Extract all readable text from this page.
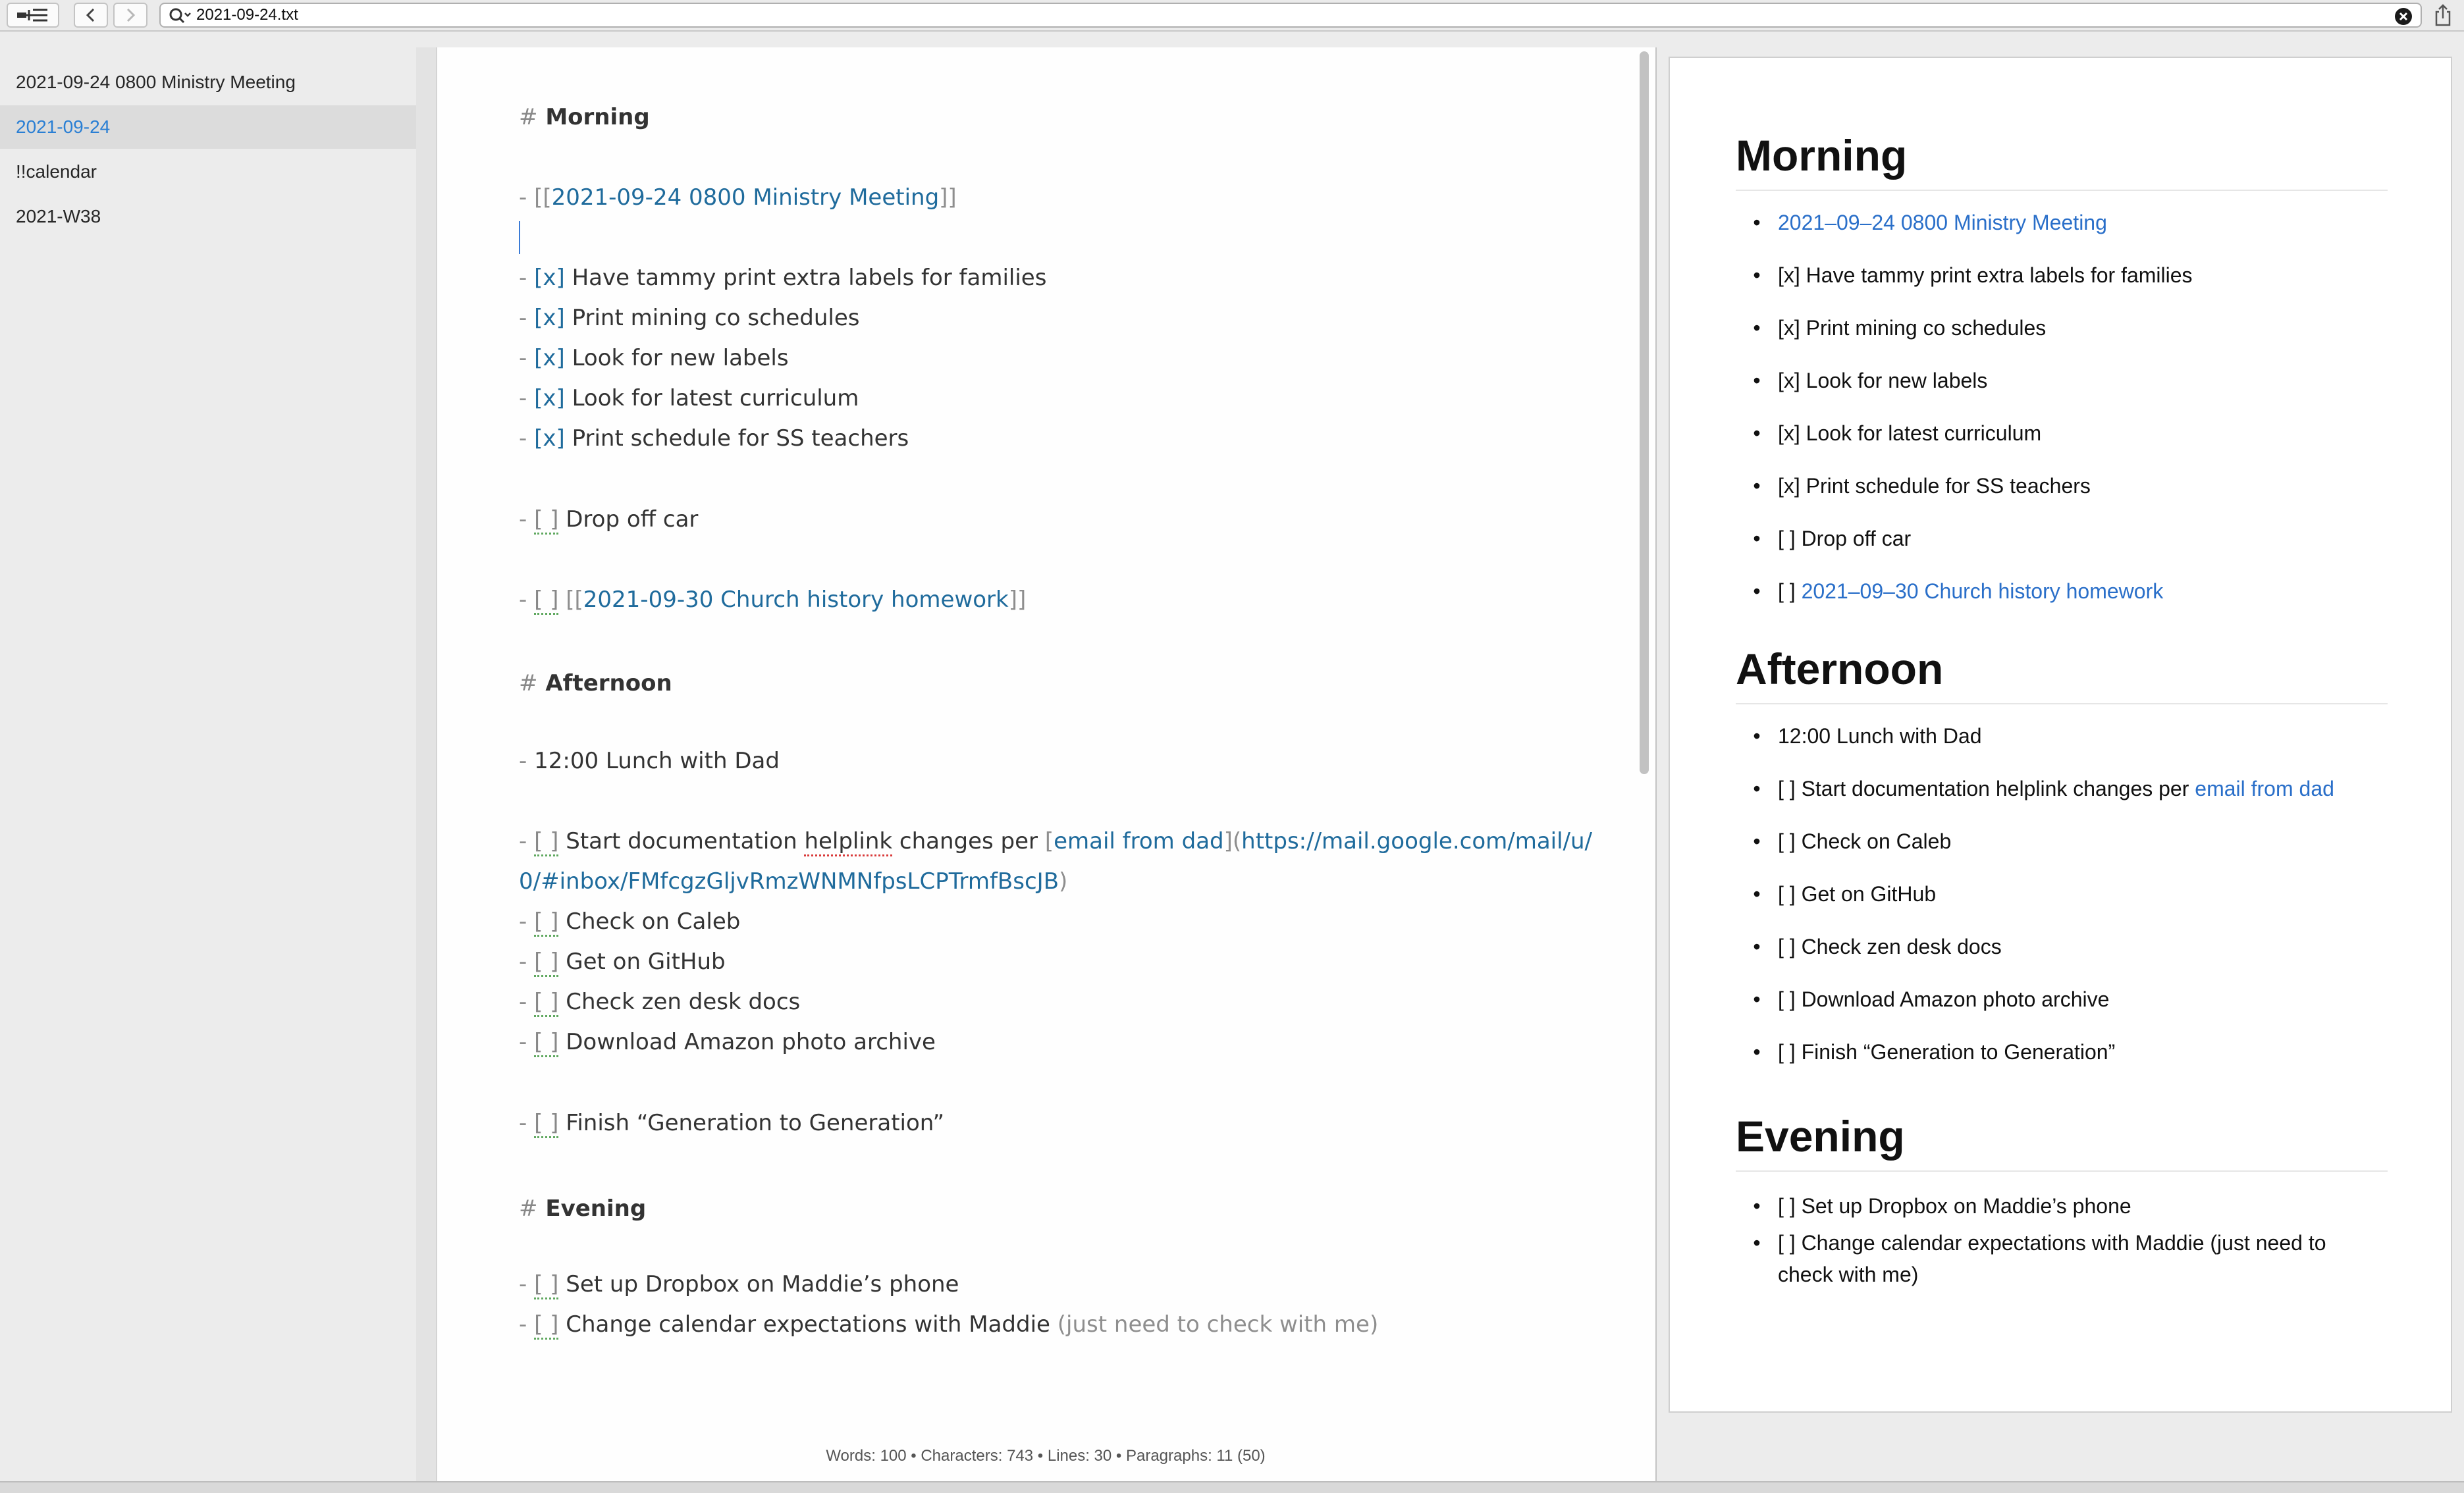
2021-09-24.txt
2021-09-24 0800 Ministry Meeting
2021-09-24
!!calendar
2021-W38
# Morning
- [[2021-09-24 0800 Ministry Meeting]]
- [x] Have tammy print extra labels for families
- [x] Print mining co schedules
- [x] Look for new labels
- [x] Look for latest curriculum
- [x] Print schedule for SS teachers
- [ ] Drop off car
- [ ] [[2021-09-30 Church history homework]]
# Afternoon
- 12:00 Lunch with Dad
- [ ] Start documentation helplink changes per [email from dad](https://mail.google.com/mail/u/
0/#inbox/FMfcgzGljvRmzWNMNfpsLCPTrmfBscJB)
- [ ] Check on Caleb
- [ ] Get on GitHub
- [ ] Check zen desk docs
- [ ] Download Amazon photo archive
- [ ] Finish “Generation to Generation”
# Evening
- [ ] Set up Dropbox on Maddie’s phone
- [ ] Change calendar expectations with Maddie (just need to check with me)
Words: 100 • Characters: 743 • Lines: 30 • Paragraphs: 11 (50)
Morning
• 2021–09–24 0800 Ministry Meeting
• [x] Have tammy print extra labels for families
• [x] Print mining co schedules
• [x] Look for new labels
• [x] Look for latest curriculum
• [x] Print schedule for SS teachers
• [ ] Drop off car
• [ ] 2021–09–30 Church history homework
Afternoon
• 12:00 Lunch with Dad
• [ ] Start documentation helplink changes per email from dad
• [ ] Check on Caleb
• [ ] Get on GitHub
• [ ] Check zen desk docs
• [ ] Download Amazon photo archive
• [ ] Finish “Generation to Generation”
Evening
• [ ] Set up Dropbox on Maddie’s phone
• [ ] Change calendar expectations with Maddie (just need to check with me)
